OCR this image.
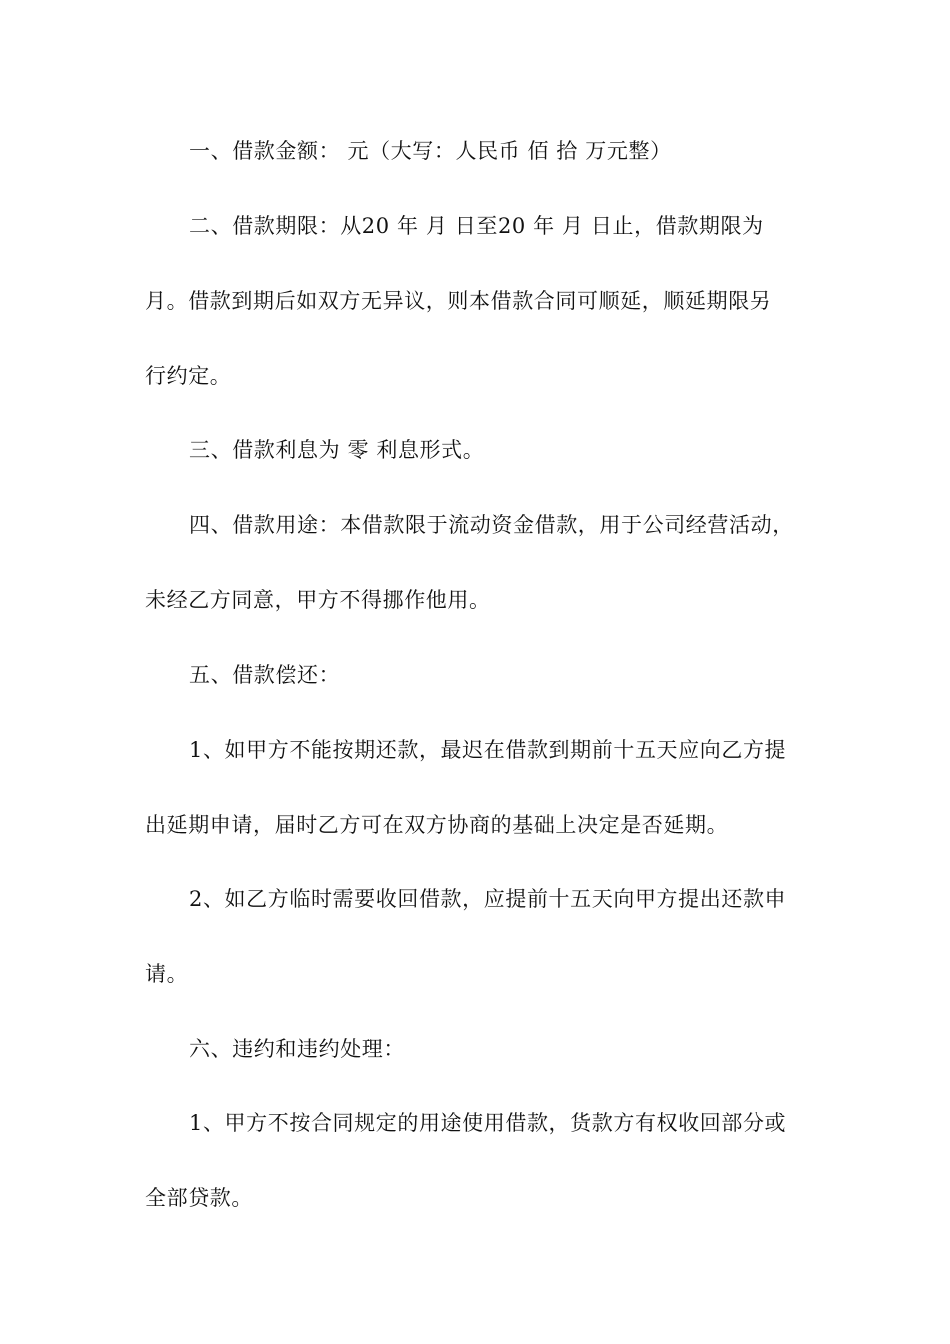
一、借款金额： 元（大写：人民币 佰 拾 万元整）
二、借款期限：从20 年 月 日至20 年 月 日止，借款期限为
月。借款到期后如双方无异议，则本借款合同可顺延，顺延期限另
行约定。
三、借款利息为 零 利息形式。
四、借款用途：本借款限于流动资金借款，用于公司经营活动，
未经乙方同意，甲方不得挪作他用。
五、借款偿还：
1、如甲方不能按期还款，最迟在借款到期前十五天应向乙方提
出延期申请，届时乙方可在双方协商的基础上决定是否延期。
2、如乙方临时需要收回借款，应提前十五天向甲方提出还款申
请。
六、违约和违约处理：
1、甲方不按合同规定的用途使用借款，货款方有权收回部分或
全部贷款。
